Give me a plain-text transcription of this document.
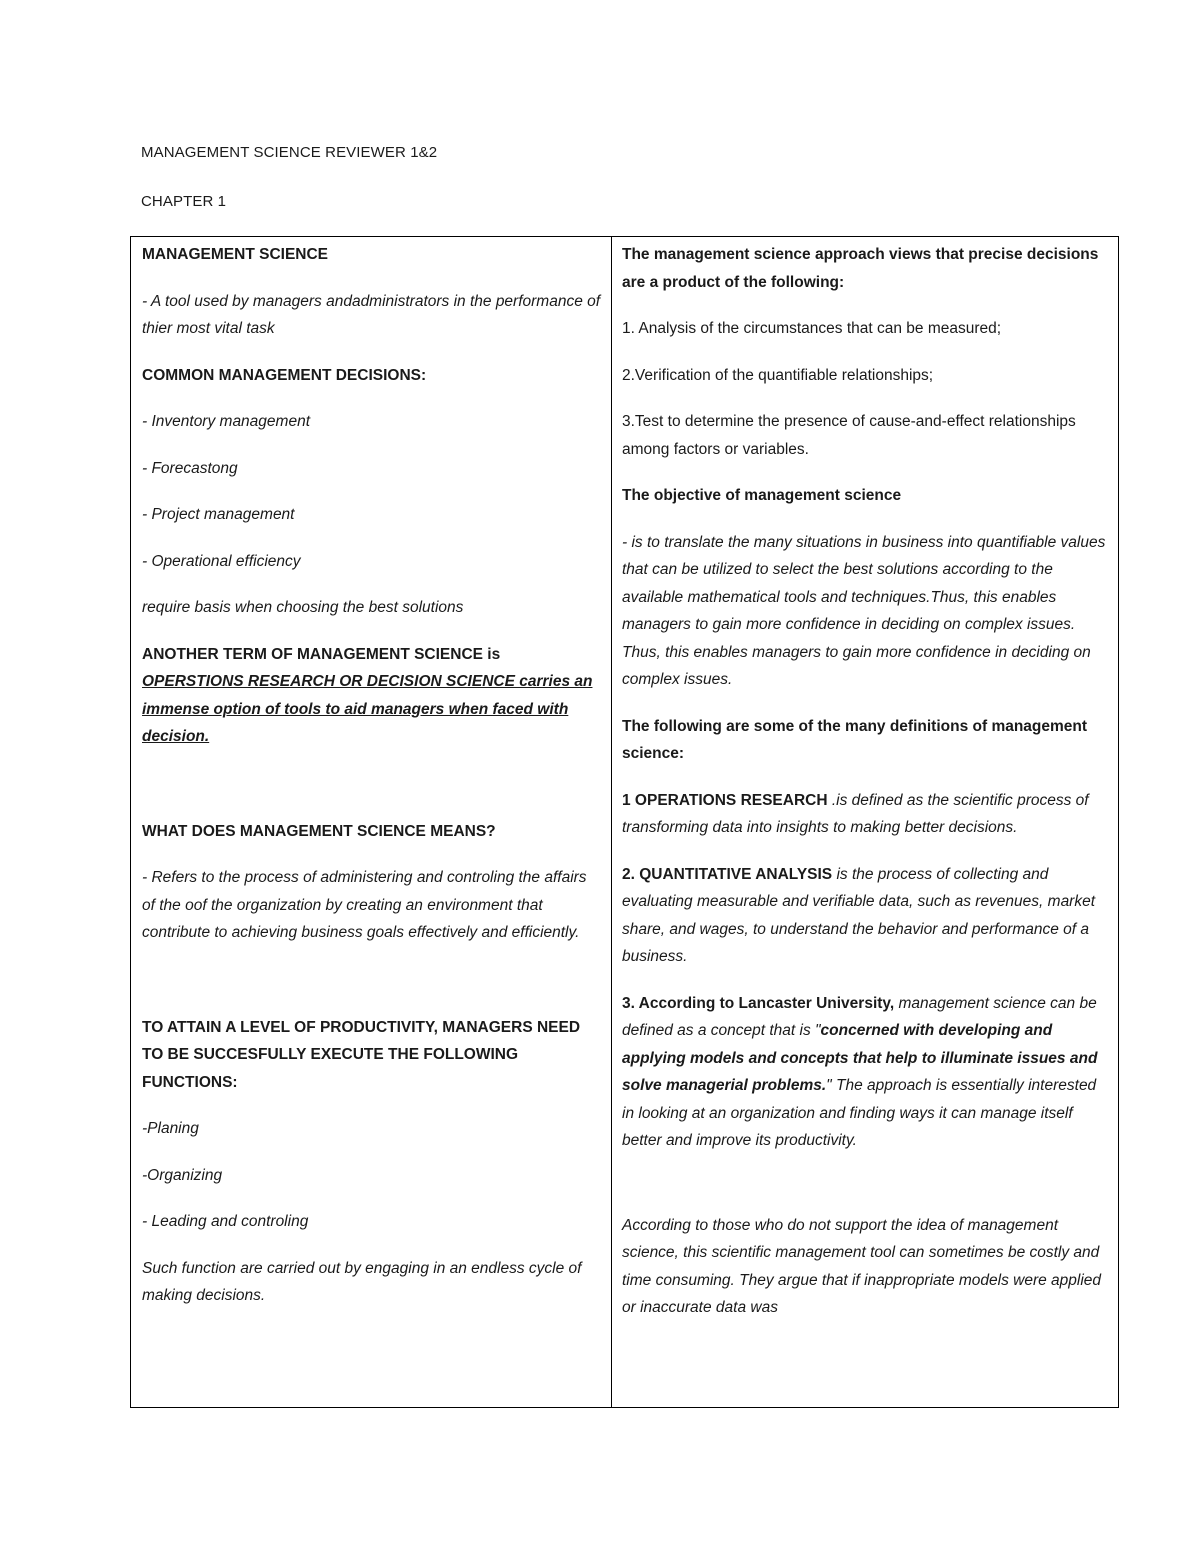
MANAGEMENT SCIENCE REVIEWER 1&2
CHAPTER 1

MANAGEMENT SCIENCE

- A tool used by managers andadministrators in the performance of thier most vital task

COMMON MANAGEMENT DECISIONS:

- Inventory management

- Forecastong

- Project management

- Operational efficiency

require basis when choosing the best solutions

ANOTHER TERM OF MANAGEMENT SCIENCE is
OPERSTIONS RESEARCH OR DECISION SCIENCE carries an immense option of tools to aid managers when faced with decision.

WHAT DOES MANAGEMENT SCIENCE MEANS?

- Refers to the process of administering and controling the affairs of the oof the organization by creating an environment that contribute to achieving business goals effectively and efficiently.

TO ATTAIN A LEVEL OF PRODUCTIVITY, MANAGERS NEED TO BE SUCCESFULLY EXECUTE THE FOLLOWING FUNCTIONS:

-Planing

-Organizing

- Leading and controling

Such function are carried out by engaging in an endless cycle of making decisions.

The management science approach views that precise decisions are a product of the following:

1. Analysis of the circumstances that can be measured;

2.Verification of the quantifiable relationships;

3.Test to determine the presence of cause-and-effect relationships among factors or variables.

The objective of management science

- is to translate the many situations in business into quantifiable values that can be utilized to select the best solutions according to the available mathematical tools and techniques.Thus, this enables managers to gain more confidence in deciding on complex issues. Thus, this enables managers to gain more confidence in deciding on complex issues.

The following are some of the many definitions of management science:

1 OPERATIONS RESEARCH .is defined as the scientific process of transforming data into insights to making better decisions.

2. QUANTITATIVE ANALYSIS is the process of collecting and evaluating measurable and verifiable data, such as revenues, market share, and wages, to understand the behavior and performance of a business.

3. According to Lancaster University, management science can be defined as a concept that is "concerned with developing and applying models and concepts that help to illuminate issues and solve managerial problems." The approach is essentially interested in looking at an organization and finding ways it can manage itself better and improve its productivity.

According to those who do not support the idea of management science, this scientific management tool can sometimes be costly and time consuming. They argue that if inappropriate models were applied or inaccurate data was
